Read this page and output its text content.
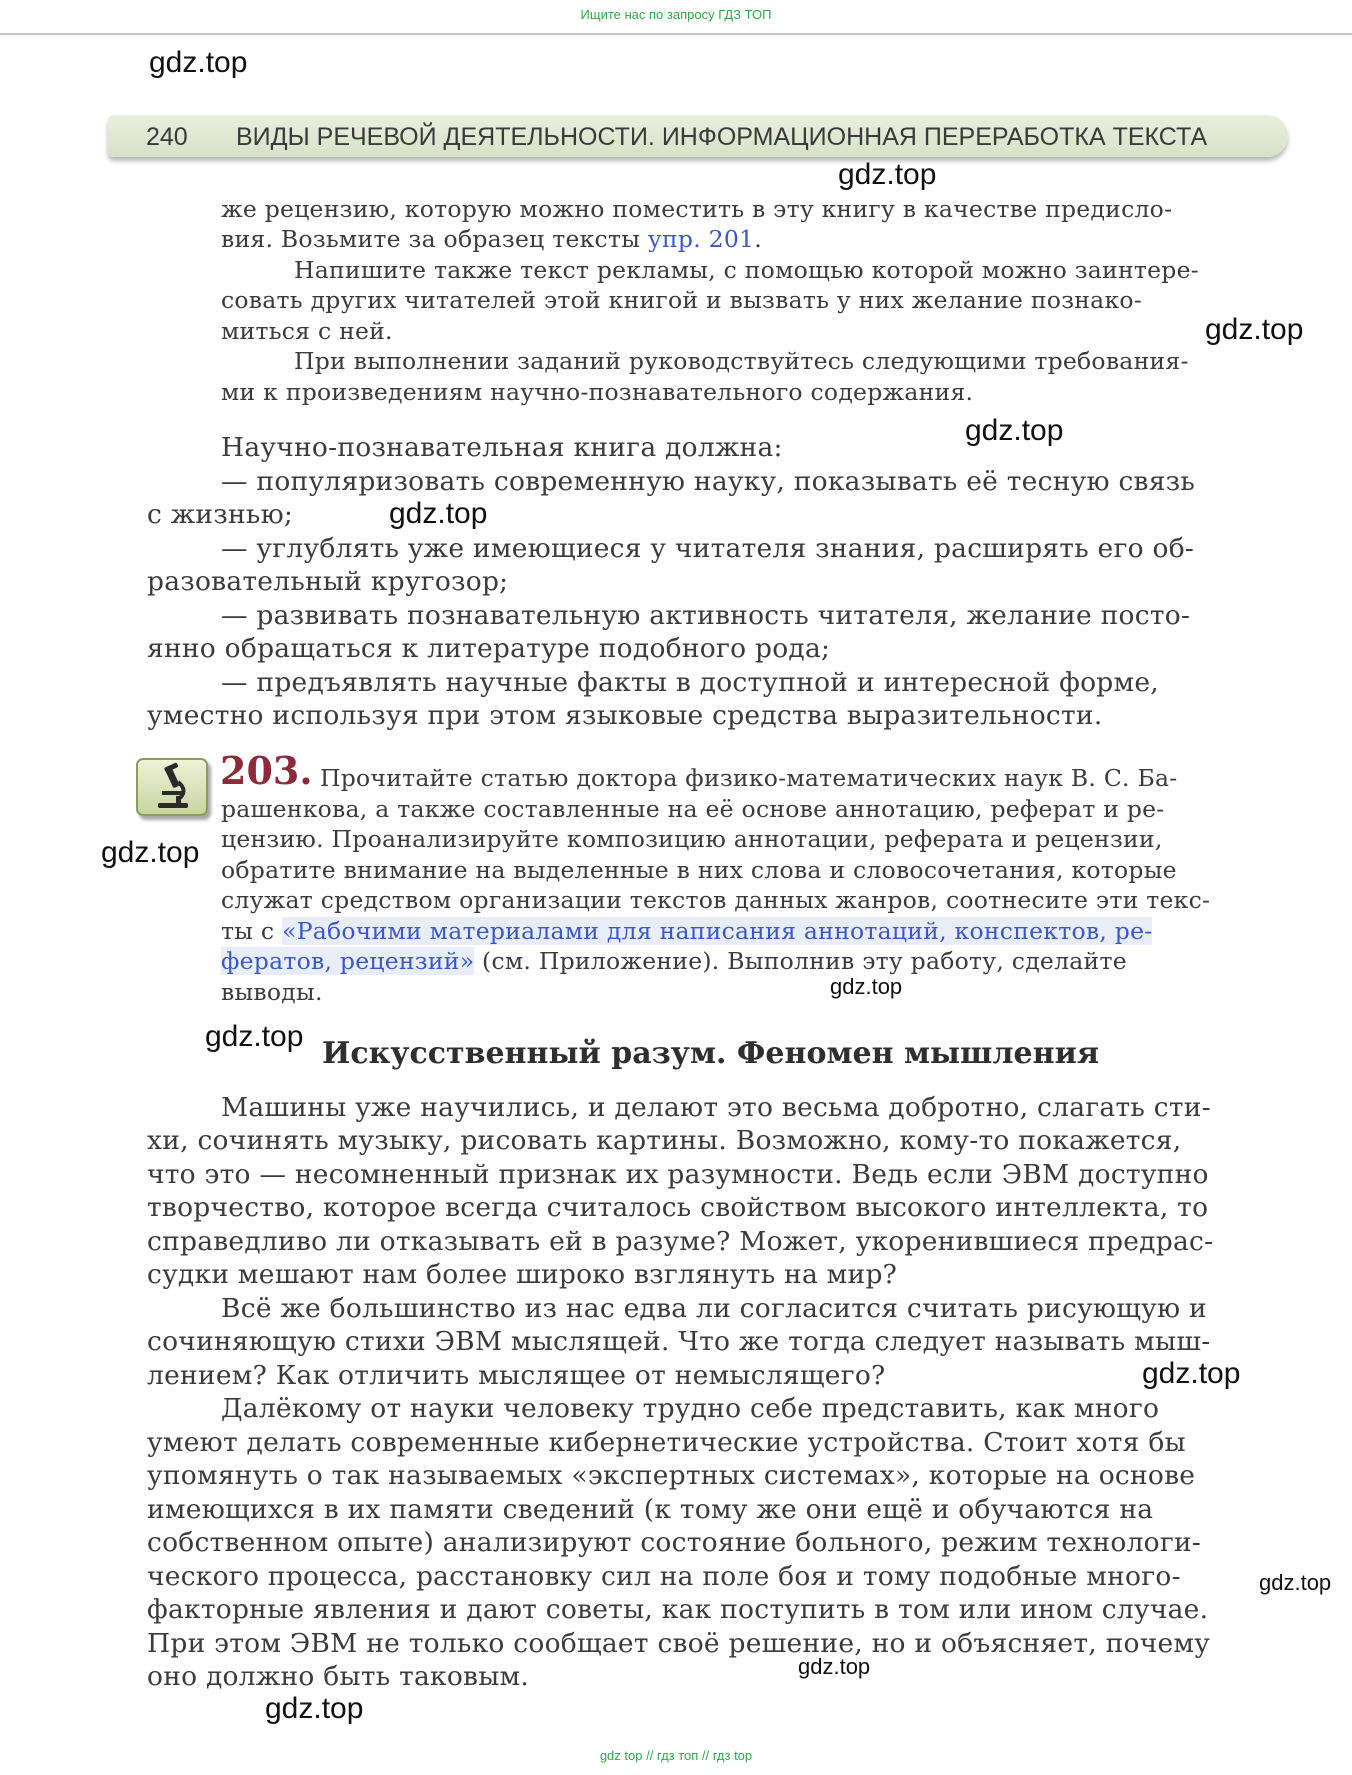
Ищите нас по запросу ГДЗ ТОП
240 ВИДЫ РЕЧЕВОЙ ДЕЯТЕЛЬНОСТИ. ИНФОРМАЦИОННАЯ ПЕРЕРАБОТКА ТЕКСТА

же рецензию, которую можно поместить в эту книгу в качестве предисло-

вия. Возьмите за образец тексты упр. 201.

Напишите также текст рекламы, с помощью которой можно заинтере-

совать других читателей этой книгой и вызвать у них желание познако-

миться с ней.

При выполнении заданий руководствуйтесь следующими требования-

ми к произведениям научно-познавательного содержания.

Научно-познавательная книга должна:

— популяризовать современную науку, показывать её тесную связь

с жизнью;

— углублять уже имеющиеся у читателя знания, расширять его об-

разовательный кругозор;

— развивать познавательную активность читателя, желание посто-

янно обращаться к литературе подобного рода;

— предъявлять научные факты в доступной и интересной форме,

уместно используя при этом языковые средства выразительности.

203. Прочитайте статью доктора физико-математических наук В. С. Ба-

рашенкова, а также составленные на её основе аннотацию, реферат и ре-

цензию. Проанализируйте композицию аннотации, реферата и рецензии,

обратите внимание на выделенные в них слова и словосочетания, которые

служат средством организации текстов данных жанров, соотнесите эти текс-

ты с «Рабочими материалами для написания аннотаций, конспектов, ре-

фератов, рецензий» (см. Приложение). Выполнив эту работу, сделайте

выводы.

Искусственный разум. Феномен мышления

Машины уже научились, и делают это весьма добротно, слагать сти-

хи, сочинять музыку, рисовать картины. Возможно, кому-то покажется,

что это — несомненный признак их разумности. Ведь если ЭВМ доступно

творчество, которое всегда считалось свойством высокого интеллекта, то

справедливо ли отказывать ей в разуме? Может, укоренившиеся предрас-

судки мешают нам более широко взглянуть на мир?

Всё же большинство из нас едва ли согласится считать рисующую и

сочиняющую стихи ЭВМ мыслящей. Что же тогда следует называть мыш-

лением? Как отличить мыслящее от немыслящего?

Далёкому от науки человеку трудно себе представить, как много

умеют делать современные кибернетические устройства. Стоит хотя бы

упомянуть о так называемых «экспертных системах», которые на основе

имеющихся в их памяти сведений (к тому же они ещё и обучаются на

собственном опыте) анализируют состояние больного, режим технологи-

ческого процесса, расстановку сил на поле боя и тому подобные много-

факторные явления и дают советы, как поступить в том или ином случае.

При этом ЭВМ не только сообщает своё решение, но и объясняет, почему

оно должно быть таковым.

gdz.top
gdz.top
gdz.top
gdz.top
gdz.top
gdz.top
gdz.top
gdz.top
gdz.top
gdz.top
gdz.top
gdz.top
gdz top // гдз топ // гдз top
